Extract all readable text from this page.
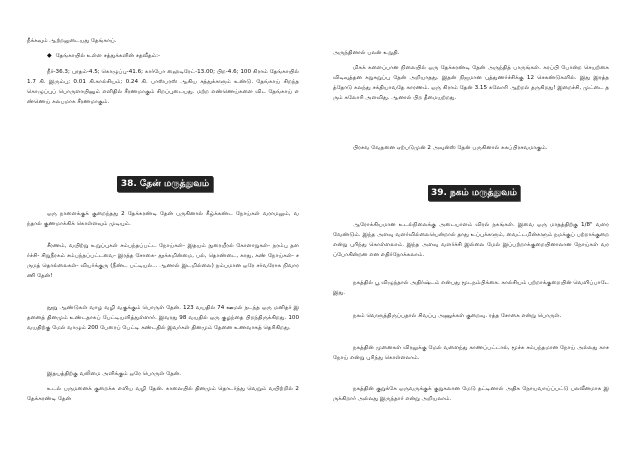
நீக்கவும் ஆற்றலுடையது தேங்காய்.

◆ தேங்காயில் உள்ள சத்துக்களின் சதவீதம்:-

நீர்-36.3; புரதம்-4.5; கொழுப்பு-41.6; கார்போ ஹைடிரேட்-13.00; பிற-4.6; 100 கிராம் தேங்காயில் 1.7 கி. இரும்பு; 0.01 கி.கால்சியம்; 0.24 கி. பாஸ்பரஸ் ஆகிய சத்துக்களும் உண்டு. தேங்காய் சிறந்த கொழுப்புப் பொருளாயினும் எளிதில் சீரணமாகும் சிறப்புடையது. மற்ற எண்ணெய்களை விட தேங்காய் எண்ணெய் சுலபமாக சீரணமாகும்.

38. தேன் மருத்துவம்

ஒரு நாளைக்குக் குறைந்தது 2 தேக்கரண்டி தேன் பருகினால் கீழ்க்கண்ட நோய்கள் வராமலும், வந்தால் குணமாக்கிக் கொள்ளவும் முடியும்.

சீரணம், வயிற்று உறுப்புகள் சம்பந்தப்பட்ட நோய்கள்- இதயம் நுரையீரல் கோளாறுகள்- நரம்பு தளர்ச்சி- சிறுநீரகம் சம்பந்தப்பட்டவை- இரத்த சோகை- தூக்கமின்மை, பல், தொண்டை, காது, கண் நோய்கள்- சருமத் தொல்லைகள்- வியர்க்குரு (நீண்ட பட்டியல்... ஆனால் இடமில்லை) நம்பமான ஒரே சர்வரோக நிவாரணி தேன்!

நூறு ஆண்டுகள் வாழ வழி வகுக்கும் பொருள் தேன். 123 வயதில் 74 ஊமல் நடந்த ஒரு மனிதர் இதனைத் தினமும் உண்டதாகப் பேட்டியளித்துள்ளார். இவரது 98 வயதில் ஒரு குழந்தை பிறந்திருக்கிறது. 100 வயதிற்கு மேல் வாழும் 200 பேரைப் பேட்டி கண்டதில் இவர்கள் தினமும் தேனை உணவாகத் தெரிகிறது.

இதயத்திற்கு வலிமை அளிக்கும் ஒரே பொருள் தேன்.

உடல் பருமனைக் குறைக்க எளிய வழி தேன். காலையில் தினமும் தொடர்ந்து வெறும் வயிற்றில் 2 தேக்கரண்டி தேன்

அருந்தினால் பலன் உறுதி.

மிகக் களைப்பான நிலையில் ஒரு தேக்கரண்டி தேன் அருந்தித் பாருங்கள். கரப்பி போன்ற செயற்கை விடிவுத்தன சுறுசுறுப்பு தேன் அறியாதது. இதன் நிஜமான புத்துணர்ச்சிக்கு 12 செகண்டுகளில். இது இரத்தத்தோடு கலந்து சக்தியாவதே காரணம். ஒரு கிராம் தேன் 3.15 கலோரி ஆற்றல் தருகிறது! இறைச்சி, முட்டை தரும் கலோரி அளவிது. ஆனால் பிற தீமையற்றது.

பிரசவ வேதனை ஏற்படுமுன் 2 அவுன்ஸ் தேன் பருகினால் சுகப்பிரசவமாகும்.

39. நகம் மருத்துவம்

ஆரோக்கியமான உடல்நிலைக்கு அடையாளம் விரல் நகங்கள். இவை ஒரு மாதத்திற்கு 1/8" வளர வேண்டும். இந்த அளவு வளர்வில்லையென்றால் தாது உப்புக்களும், வைட்டமின்களும் நமக்குப் பற்றாக்குறை என்று புரிந்து கொள்ளலாம். இந்த அளவு வளர்ச்சி இல்லை மேல் இப்பற்றாக்குறையினாலான நோய்கள் வரப்போகின்றன என எதிர்நோக்கலாம்.

நகத்தில் பூ விழுந்தால் அதிர்ஷ்டம் என்பது மூடநம்பிக்கை. கால்சியம் பற்றாக்குறையின் வெளிப்பாடே இது.

நகம் வெளுத்திருப்பதால் சிவப்பு அணுக்கள் குறைவு. ரத்த சோகை என்று பொருள்.

நகத்தின் முனைகள் விரலுக்கு மேல் வளைந்து காணப்பட்டால், மூச்சு சம்பந்தமான நோய் அல்லது காசநோய் என்று புரிந்து கொள்ளலாம்.

நகத்தின் குறுக்கே ஒருவருக்குக் குறுகலான மேடு தட்டினால் அதிக நோயவாய்ப்பட்டு பலவீனமாக இருக்கிறார் அல்லது இருந்தார் என்று அறியலாம்.
